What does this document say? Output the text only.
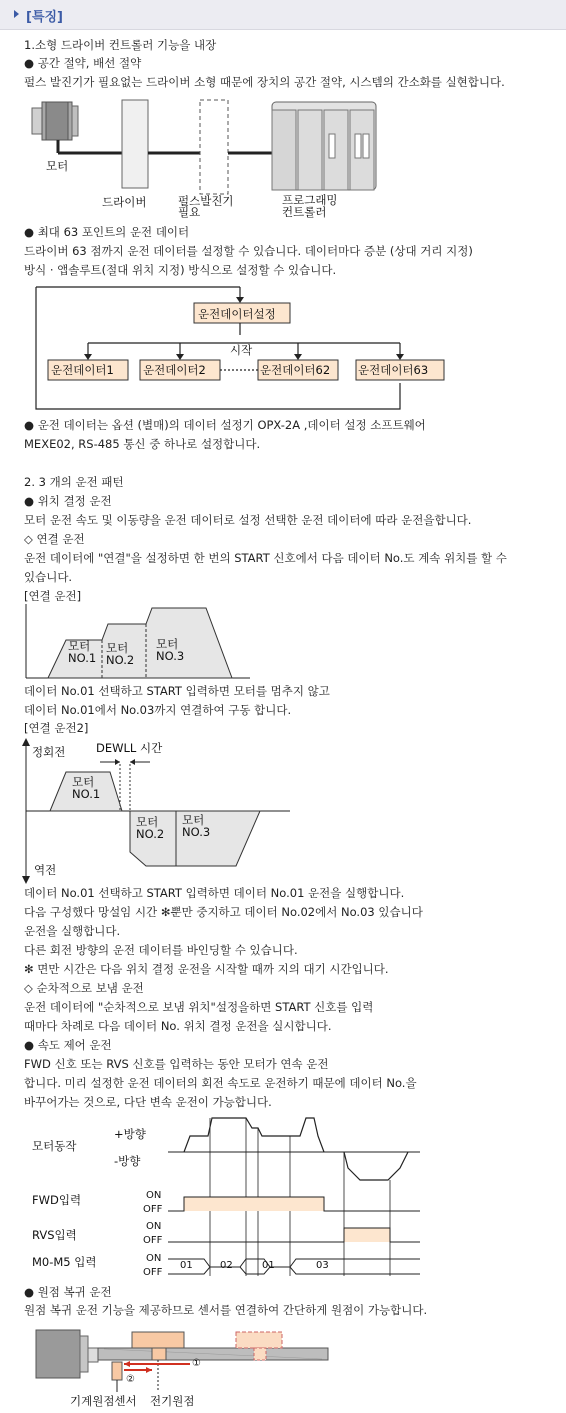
[특징]
1.소형 드라이버 컨트롤러 기능을 내장
● 공간 절약, 배선 절약
펄스 발진기가 필요없는 드라이버 소형 때문에 장치의 공간 절약, 시스템의 간소화를 실현합니다.
모터
드라이버	펄스발진기
필요
프로그래밍
컨트롤러
● 최대 63 포인트의 운전 데이터
드라이버 63 점까지 운전 데이터를 설정할 수 있습니다. 데이터마다 증분 (상대 거리 지정)
방식 · 앱솔루트(절대 위치 지정) 방식으로 설정할 수 있습니다.
운전데이터설정
시작
운전데이터1	운전데이터2	운전데이터62 운전데이터63
● 운전 데이터는 옵션 (별매)의 데이터 설정기 OPX-2A ,데이터 설정 소프트웨어
MEXE02, RS-485 통신 중 하나로 설정합니다.
2. 3 개의 운전 패턴
● 위치 결정 운전
모터 운전 속도 및 이동량을 운전 데이터로 설정 선택한 운전 데이터에 따라 운전을합니다.
◇ 연결 운전
운전 데이터에 "연결"을 설정하면 한 번의 START 신호에서 다음 데이터 No.도 계속 위치를 할 수
있습니다.
[연결 운전]
모터
NO.1
모터
NO.2
모터
NO.3
데이터 No.01 선택하고 START 입력하면 모터를 멈추지 않고
데이터 No.01에서 No.03까지 연결하여 구동 합니다.
[연결 운전2]
정회전	DEWLL 시간
모터
NO.1
모터
NO.2
모터
NO.3
역전
데이터 No.01 선택하고 START 입력하면 데이터 No.01 운전을 실행합니다.
다음 구성했다 망설임 시간 ✻뿐만 중지하고 데이터 No.02에서 No.03 있습니다
운전을 실행합니다.
다른 회전 방향의 운전 데이터를 바인딩할 수 있습니다.
✻ 면만 시간은 다음 위치 결정 운전을 시작할 때까 지의 대기 시간입니다.
◇ 순차적으로 보냄 운전
운전 데이터에 "순차적으로 보냄 위치"설정을하면 START 신호를 입력
때마다 차례로 다음 데이터 No. 위치 결정 운전을 실시합니다.
● 속도 제어 운전
FWD 신호 또는 RVS 신호를 입력하는 동안 모터가 연속 운전
합니다. 미리 설정한 운전 데이터의 회전 속도로 운전하기 때문에 데이터 No.을
바꾸어가는 것으로, 다단 변속 운전이 가능합니다.
모터동작
+방향
-방향
FWD입력
RVS입력
M0-M5 입력
ON
OFF
ON
OFF
ON
OFF
01	02	01	03
● 원점 복귀 운전
원점 복귀 운전 기능을 제공하므로 센서를 연결하여 간단하게 원점이 가능합니다.
①
②
기계원점센서 전기원점
